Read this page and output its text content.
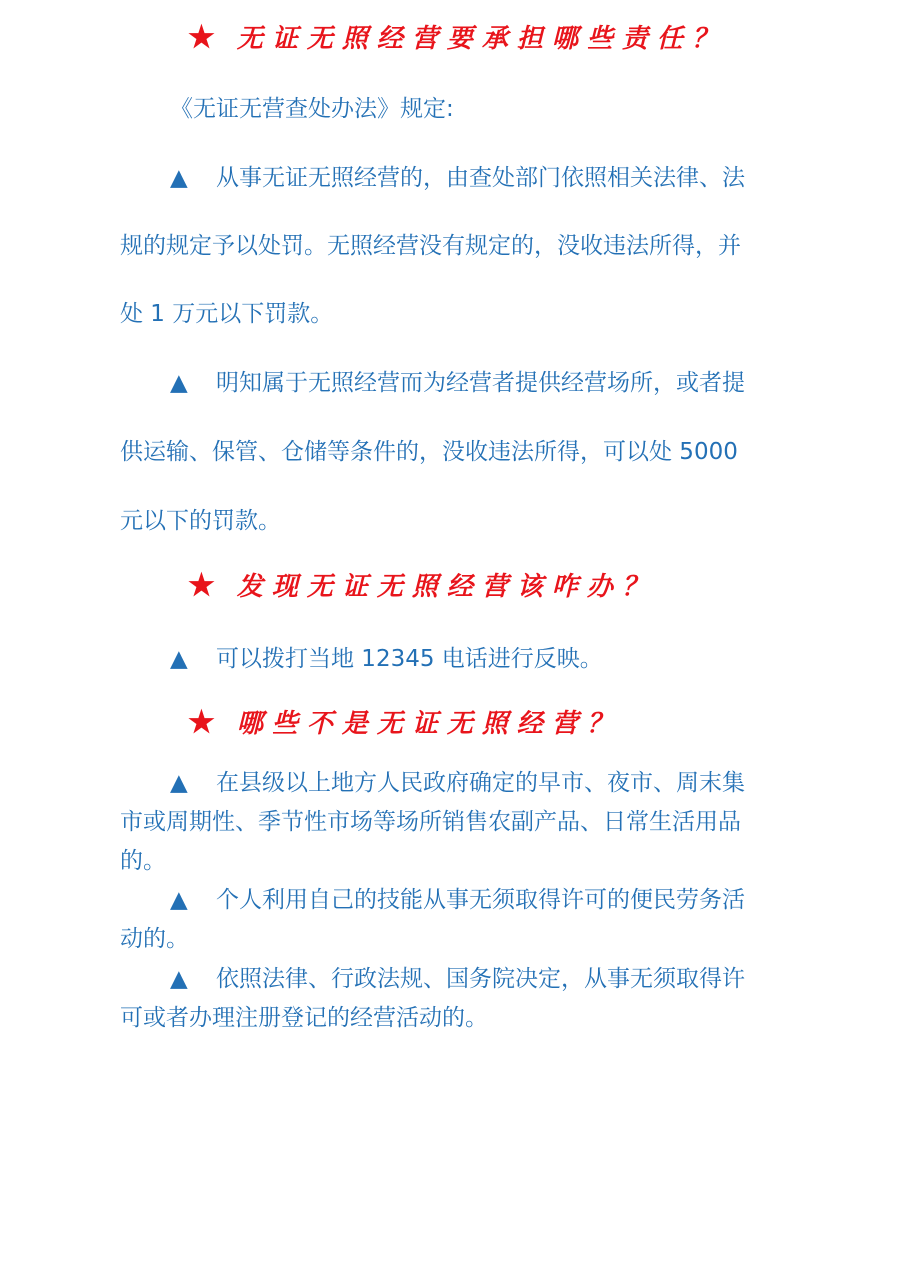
★ 无证无照经营要承担哪些责任？
《无证无营查处办法》规定:
▲ 从事无证无照经营的，由查处部门依照相关法律、法
规的规定予以处罚。无照经营没有规定的，没收违法所得，并
处 1 万元以下罚款。
▲ 明知属于无照经营而为经营者提供经营场所，或者提
供运输、保管、仓储等条件的，没收违法所得，可以处 5000
元以下的罚款。
★ 发现无证无照经营该咋办？
▲ 可以拨打当地 12345 电话进行反映。
★ 哪些不是无证无照经营？
▲ 在县级以上地方人民政府确定的早市、夜市、周末集
市或周期性、季节性市场等场所销售农副产品、日常生活用品
的。
▲ 个人利用自己的技能从事无须取得许可的便民劳务活
动的。
▲ 依照法律、行政法规、国务院决定，从事无须取得许
可或者办理注册登记的经营活动的。
